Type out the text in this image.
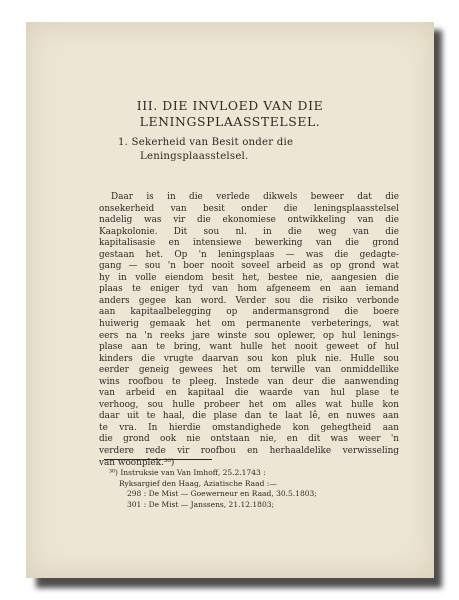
III. DIE INVLOED VAN DIE
LENINGSPLAASSTELSEL.
1. Sekerheid van Besit onder die
Leningsplaasstelsel.
Daar is in die verlede dikwels beweer dat die
onsekerheid van besit onder die leningsplaasstelsel
nadelig was vir die ekonomiese ontwikkeling van die
Kaapkolonie. Dit sou nl. in die weg van die
kapitalisasie en intensiewe bewerking van die grond
gestaan het. Op 'n leningsplaas — was die gedagte-
gang — sou 'n boer nooit soveel arbeid as op grond wat
hy in volle eiendom besit het, bestee nie, aangesien die
plaas te eniger tyd van hom afgeneem en aan iemand
anders gegee kan word. Verder sou die risiko verbonde
aan kapitaalbelegging op andermansgrond die boere
huiwerig gemaak het om permanente verbeterings, wat
eers na 'n reeks jare winste sou oplewer, op hul lenings-
plase aan te bring, want hulle het nooit geweet of hul
kinders die vrugte daarvan sou kon pluk nie. Hulle sou
eerder geneig gewees het om terwille van onmiddellike
wins roofbou te pleeg. Instede van deur die aanwending
van arbeid en kapitaal die waarde van hul plase te
verhoog, sou hulle probeer het om alles wat hulle kon
daar uit te haal, die plase dan te laat lê, en nuwes aan
te vra. In hierdie omstandighede kon gehegtheid aan
die grond ook nie ontstaan nie, en dit was weer 'n
verdere rede vir roofbou en herhaaldelike verwisseling
van woonplek.³⁰)
³⁰) Instruksie van Van Imhoff, 25.2.1743 :
Ryksargief den Haag, Aziatische Raad :—
298 : De Mist — Goewerneur en Raad, 30.5.1803;
301 : De Mist — Janssens, 21.12.1803;
